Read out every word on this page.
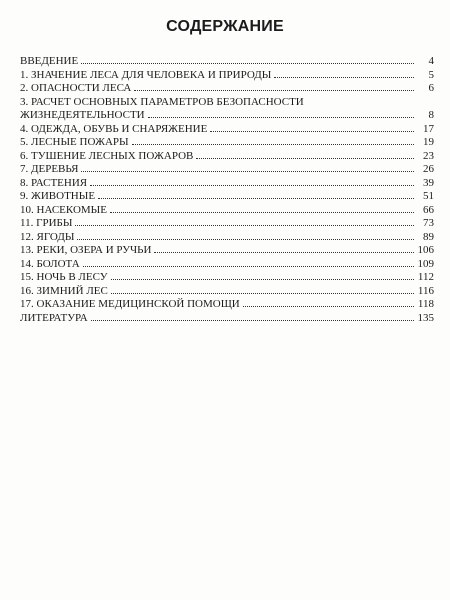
СОДЕРЖАНИЕ
ВВЕДЕНИЕ	4
1. ЗНАЧЕНИЕ ЛЕСА ДЛЯ ЧЕЛОВЕКА И ПРИРОДЫ	5
2. ОПАСНОСТИ ЛЕСА	6
3. РАСЧЕТ ОСНОВНЫХ ПАРАМЕТРОВ БЕЗОПАСНОСТИ
ЖИЗНЕДЕЯТЕЛЬНОСТИ	8
4. ОДЕЖДА, ОБУВЬ И СНАРЯЖЕНИЕ	17
5. ЛЕСНЫЕ ПОЖАРЫ	19
6. ТУШЕНИЕ ЛЕСНЫХ ПОЖАРОВ	23
7. ДЕРЕВЬЯ	26
8. РАСТЕНИЯ	39
9. ЖИВОТНЫЕ	51
10. НАСЕКОМЫЕ	66
11. ГРИБЫ	73
12. ЯГОДЫ	89
13. РЕКИ, ОЗЕРА И РУЧЬИ	106
14. БОЛОТА	109
15. НОЧЬ В ЛЕСУ	112
16. ЗИМНИЙ ЛЕС	116
17. ОКАЗАНИЕ МЕДИЦИНСКОЙ ПОМОЩИ	118
ЛИТЕРАТУРА	135
